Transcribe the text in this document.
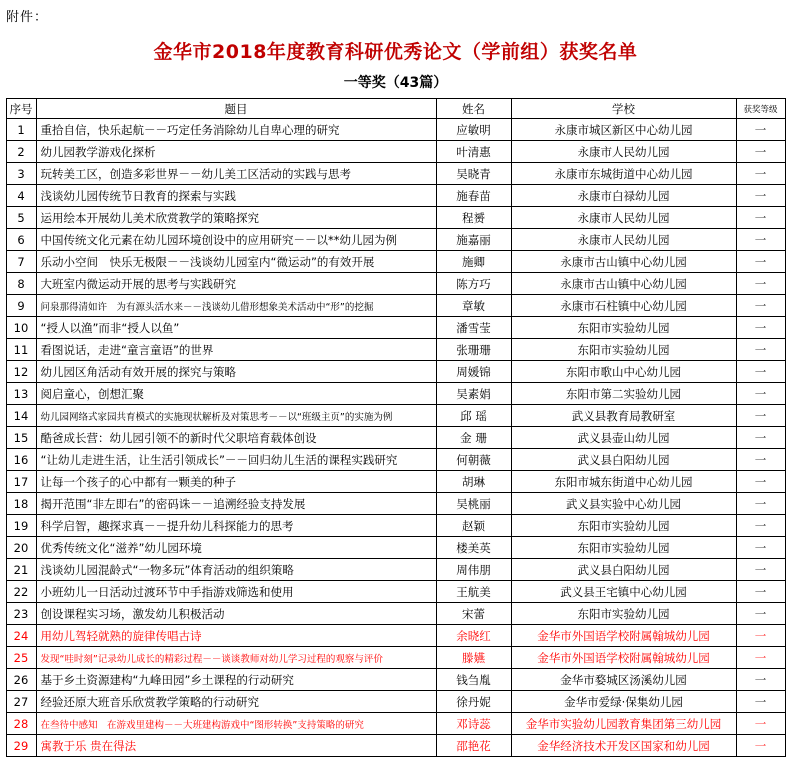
附件：
金华市2018年度教育科研优秀论文（学前组）获奖名单
一等奖（43篇）
序号	题目	姓名	学校	获奖等级
1	重拾自信，快乐起航－－巧定任务消除幼儿自卑心理的研究	应敏明	永康市城区新区中心幼儿园	一
2	幼儿园教学游戏化探析	叶清惠	永康市人民幼儿园	一
3	玩转美工区，创造多彩世界－－幼儿美工区活动的实践与思考	吴晓青	永康市东城街道中心幼儿园	一
4	浅谈幼儿园传统节日教育的探索与实践	施春苗	永康市白禄幼儿园	一
5	运用绘本开展幼儿美术欣赏教学的策略探究	程赟	永康市人民幼儿园	一
6	中国传统文化元素在幼儿园环境创设中的应用研究－－以**幼儿园为例	施嘉丽	永康市人民幼儿园	一
7	乐动小空间　快乐无极限－－浅谈幼儿园室内“微运动”的有效开展	施卿	永康市古山镇中心幼儿园	一
8	大班室内微运动开展的思考与实践研究	陈方巧	永康市古山镇中心幼儿园	一
9	问泉那得清如许　为有源头活水来－－浅谈幼儿借形想象美术活动中“形”的挖掘	章敏	永康市石柱镇中心幼儿园	一
10	“授人以渔”而非“授人以鱼”	潘雪莹	东阳市实验幼儿园	一
11	看图说话，走进“童言童语”的世界	张珊珊	东阳市实验幼儿园	一
12	幼儿园区角活动有效开展的探究与策略	周媛锦	东阳市歌山中心幼儿园	一
13	阅启童心，创想汇聚	吴素娟	东阳市第二实验幼儿园	一
14	幼儿园网络式家园共育模式的实施现状解析及对策思考－－以“班级主页”的实施为例	邱 瑶	武义县教育局教研室	一
15	酷爸成长营：幼儿园引领不的新时代父职培育载体创设	金 珊	武义县壶山幼儿园	一
16	“让幼儿走进生活，让生活引领成长”－－回归幼儿生活的课程实践研究	何朝薇	武义县白阳幼儿园	一
17	让每一个孩子的心中都有一颗美的种子	胡琳	东阳市城东街道中心幼儿园	一
18	揭开范围“非左即右”的密码诛－－追溯经验支持发展	吴桃丽	武义县实验中心幼儿园	一
19	科学启智，趣探求真－－提升幼儿科探能力的思考	赵颖	东阳市实验幼儿园	一
20	优秀传统文化“滋养”幼儿园环境	楼美英	东阳市实验幼儿园	一
21	浅谈幼儿园混龄式“一物多玩”体育活动的组织策略	周伟朋	武义县白阳幼儿园	一
22	小班幼儿一日活动过渡环节中手指游戏筛选和使用	王航美	武义县王宅镇中心幼儿园	一
23	创设课程实习场，激发幼儿积极活动	宋蕾	东阳市实验幼儿园	一
24	用幼儿驾轻就熟的旋律传唱古诗	余晓红	金华市外国语学校附属翰城幼儿园	一
25	发现“哇时刻”记录幼儿成长的精彩过程－－谈谈教师对幼儿学习过程的观察与评价	滕嬿	金华市外国语学校附属翰城幼儿园	一
26	基于乡土资源建构“九峰田园”乡土课程的行动研究	钱刍胤	金华市婺城区汤溪幼儿园	一
27	经验还原大班音乐欣赏教学策略的行动研究	徐丹妮	金华市爱绿·保集幼儿园	一
28	在叁待中感知　在游戏里建构－－大班建构游戏中“图形转换”支持策略的研究	邓诗蕊	金华市实验幼儿园教育集团第三幼儿园	一
29	寓教于乐 贵在得法	邵艳花	金华经济技术开发区国家和幼儿园	一
